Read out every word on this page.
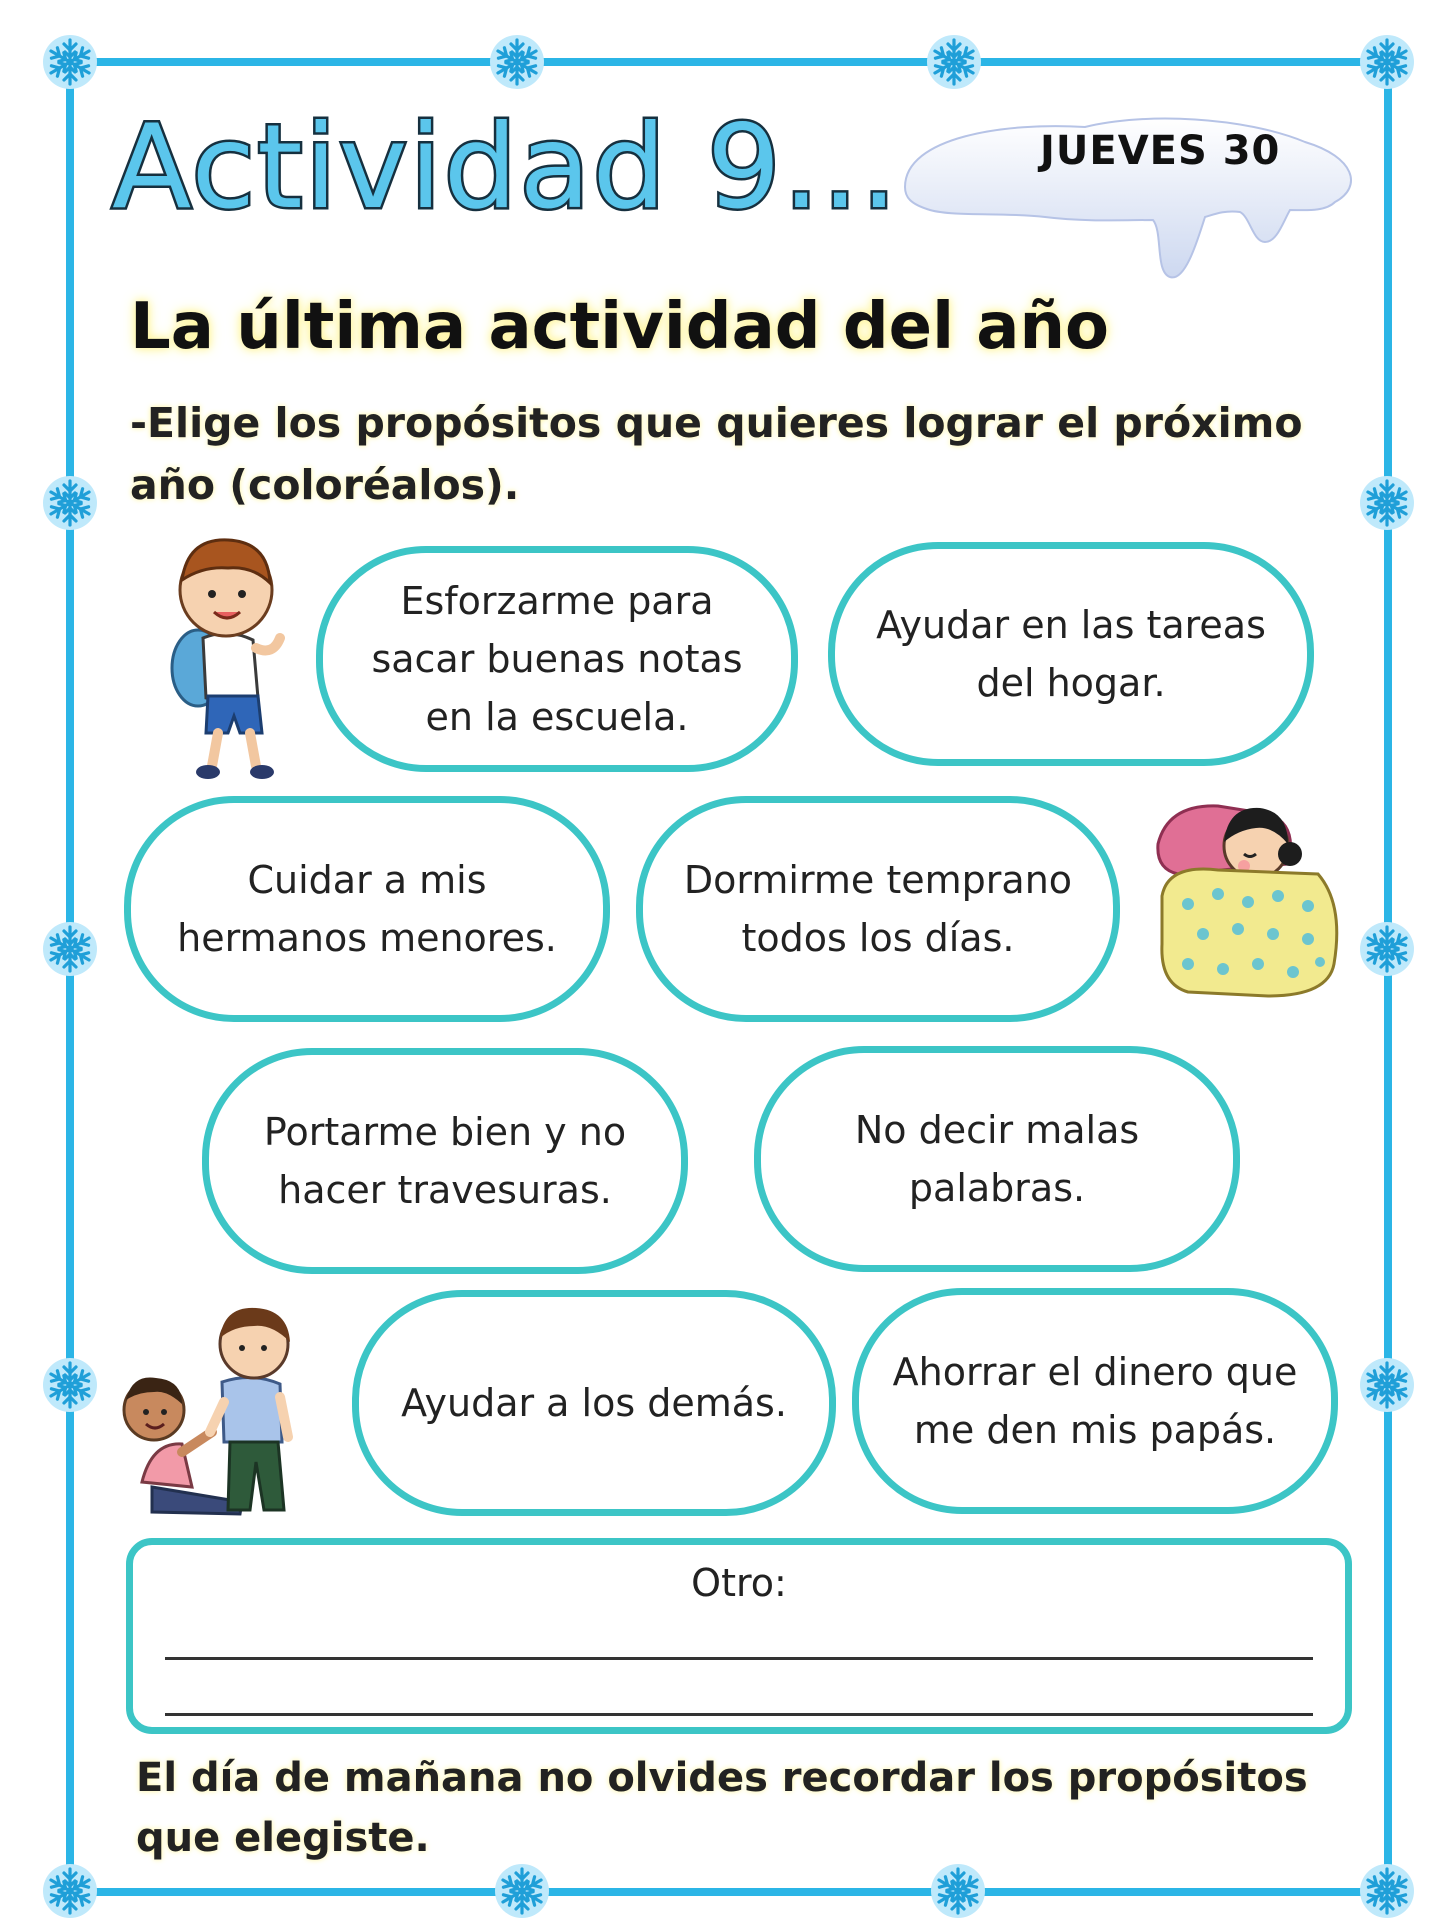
Actividad 9...	JUEVES 30
La última actividad del año
-Elige los propósitos que quieres lograr el próximo año (coloréalos).
Esforzarme para sacar buenas notas en la escuela.
Ayudar en las tareas del hogar.
Cuidar a mis hermanos menores.
Dormirme temprano todos los días.
Portarme bien y no hacer travesuras.
No decir malas palabras.
Ayudar a los demás.
Ahorrar el dinero que me den mis papás.
Otro:
El día de mañana no olvides recordar los propósitos que elegiste.
